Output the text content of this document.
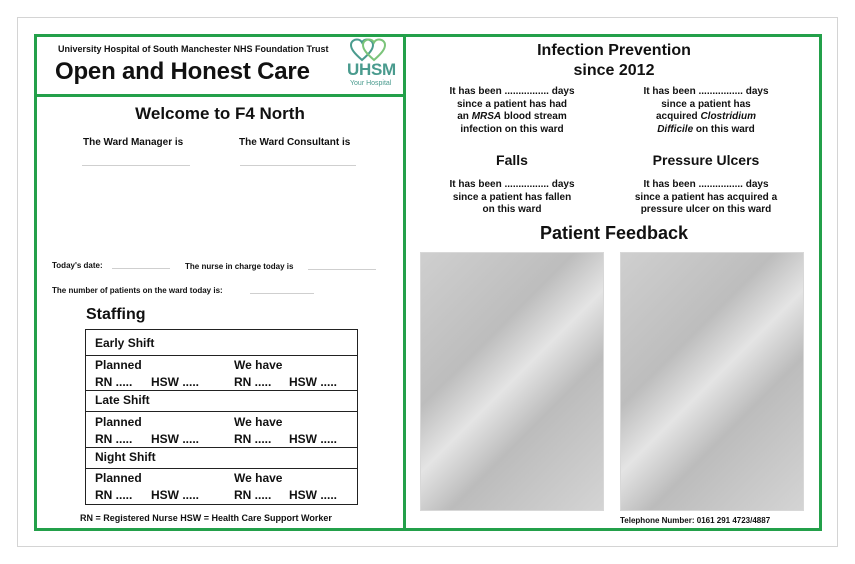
University Hospital of South Manchester NHS Foundation Trust
Open and Honest Care UHSM
Your Hospital
Welcome to F4 North
The Ward Manager is	The Ward Consultant is
Today's date:	The nurse in charge today is
The number of patients on the ward today is:
Staffing
Early Shift
Planned	We have
RN ..... HSW .....	RN ..... HSW .....
Late Shift
Planned	We have
RN ..... HSW .....	RN ..... HSW .....
Night Shift
Planned	We have
RN ..... HSW .....	RN ..... HSW .....
RN = Registered Nurse HSW = Health Care Support Worker
Infection Prevention
since 2012
It has been ................ days
since a patient has had
an MRSA blood stream
infection on this ward
It has been ................ days
since a patient has
acquired Clostridium
Difficile on this ward
Falls
It has been ................ days
since a patient has fallen
on this ward
Pressure Ulcers
It has been ................ days
since a patient has acquired a
pressure ulcer on this ward
Patient Feedback
Telephone Number: 0161 291 4723/4887
